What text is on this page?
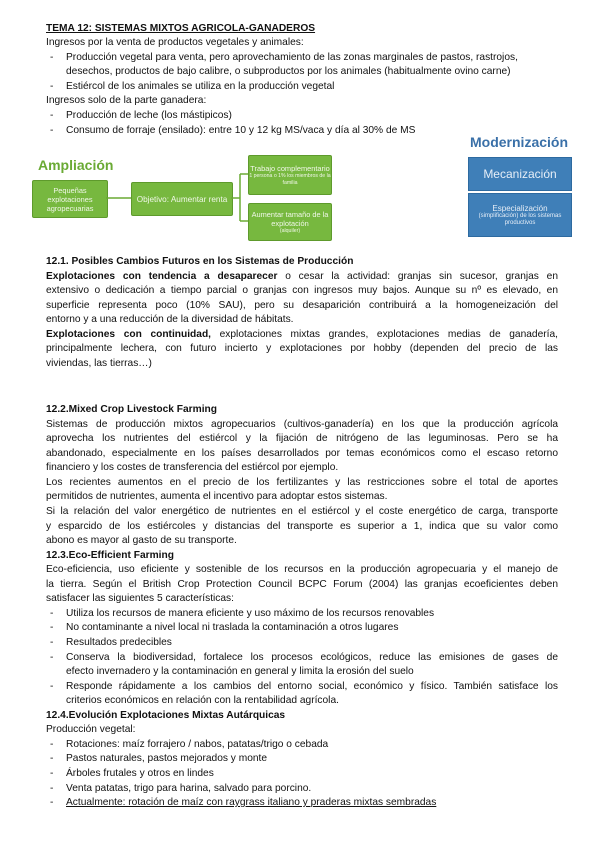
TEMA 12: SISTEMAS MIXTOS AGRICOLA-GANADEROS
Ingresos por la venta de productos vegetales y animales:
- Producción vegetal para venta, pero aprovechamiento de las zonas marginales de pastos, rastrojos,
desechos, productos de bajo calibre, o subproductos por los animales (habitualmente ovino carne)
- Estiércol de los animales se utiliza en la producción vegetal
Ingresos solo de la parte ganadera:
- Producción de leche (los mástipicos)
- Consumo de forraje (ensilado): entre 10 y 12 kg MS/vaca y día al 30% de MS
Ampliación
Pequeñas explotaciones agropecuarias
Objetivo: Aumentar renta
Trabajo complementario
1 persona o 1% los miembros de la familia
Aumentar tamaño de la explotación
(alquiler)
Modernización
Mecanización
Especialización
(simplificación) de los sistemas productivos
12.1. Posibles Cambios Futuros en los Sistemas de Producción
Explotaciones con tendencia a desaparecer o cesar la actividad: granjas sin sucesor, granjas en
extensivo o dedicación a tiempo parcial o granjas con ingresos muy bajos. Aunque su nº es elevado, en
superficie representa poco (10% SAU), pero su desaparición contribuirá a la homogeneización del
entorno y a una reducción de la diversidad de hábitats.
Explotaciones con continuidad, explotaciones mixtas grandes, explotaciones medias de ganadería,
principalmente lechera, con futuro incierto y explotaciones por hobby (dependen del precio de las
viviendas, las tierras…)
12.2.Mixed Crop Livestock Farming
Sistemas de producción mixtos agropecuarios (cultivos-ganadería) en los que la producción agrícola
aprovecha los nutrientes del estiércol y la fijación de nitrógeno de las leguminosas. Pero se ha
abandonado, especialmente en los países desarrollados por temas económicos como el escaso retorno
financiero y los costes de transferencia del estiércol por ejemplo.
Los recientes aumentos en el precio de los fertilizantes y las restricciones sobre el total de aportes
permitidos de nutrientes, aumenta el incentivo para adoptar estos sistemas.
Si la relación del valor energético de nutrientes en el estiércol y el coste energético de carga, transporte
y esparcido de los estiércoles y distancias del transporte es superior a 1, indica que su valor como
abono es mayor al gasto de su transporte.
12.3.Eco-Efficient Farming
Eco-eficiencia, uso eficiente y sostenible de los recursos en la producción agropecuaria y el manejo de
la tierra. Según el British Crop Protection Council BCPC Forum (2004) las granjas ecoeficientes deben
satisfacer las siguientes 5 características:
- Utiliza los recursos de manera eficiente y uso máximo de los recursos renovables
- No contaminante a nivel local ni traslada la contaminación a otros lugares
- Resultados predecibles
- Conserva la biodiversidad, fortalece los procesos ecológicos, reduce las emisiones de gases de
efecto invernadero y la contaminación en general y limita la erosión del suelo
- Responde rápidamente a los cambios del entorno social, económico y físico. También satisface los
criterios económicos en relación con la rentabilidad agrícola.
12.4.Evolución Explotaciones Mixtas Autárquicas
Producción vegetal:
- Rotaciones: maíz forrajero / nabos, patatas/trigo o cebada
- Pastos naturales, pastos mejorados y monte
- Árboles frutales y otros en lindes
- Venta patatas, trigo para harina, salvado para porcino.
- Actualmente: rotación de maíz con raygrass italiano y praderas mixtas sembradas
